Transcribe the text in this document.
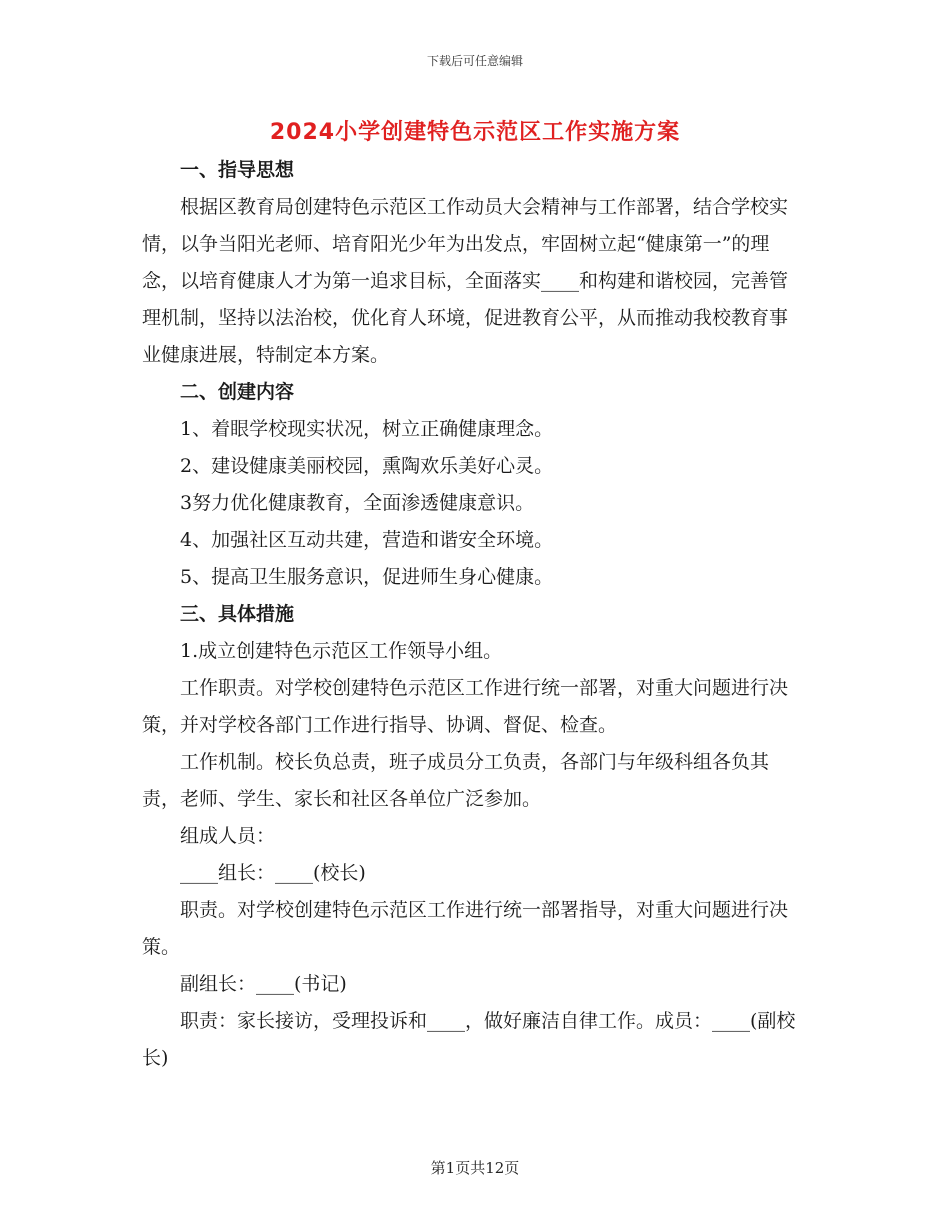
下载后可任意编辑
2024小学创建特色示范区工作实施方案

一、指导思想

根据区教育局创建特色示范区工作动员大会精神与工作部署，结合学校实情，以争当阳光老师、培育阳光少年为出发点，牢固树立起“健康第一”的理念，以培育健康人才为第一追求目标，全面落实____和构建和谐校园，完善管理机制，坚持以法治校，优化育人环境，促进教育公平，从而推动我校教育事业健康进展，特制定本方案。

二、创建内容

1、着眼学校现实状况，树立正确健康理念。

2、建设健康美丽校园，熏陶欢乐美好心灵。

3努力优化健康教育，全面渗透健康意识。

4、加强社区互动共建，营造和谐安全环境。

5、提高卫生服务意识，促进师生身心健康。

三、具体措施

1.成立创建特色示范区工作领导小组。

工作职责。对学校创建特色示范区工作进行统一部署，对重大问题进行决策，并对学校各部门工作进行指导、协调、督促、检查。

工作机制。校长负总责，班子成员分工负责，各部门与年级科组各负其责，老师、学生、家长和社区各单位广泛参加。

组成人员：

____组长：____(校长)

职责。对学校创建特色示范区工作进行统一部署指导，对重大问题进行决策。

副组长：____(书记)

职责：家长接访，受理投诉和____，做好廉洁自律工作。成员：____(副校长)

第1页共12页
